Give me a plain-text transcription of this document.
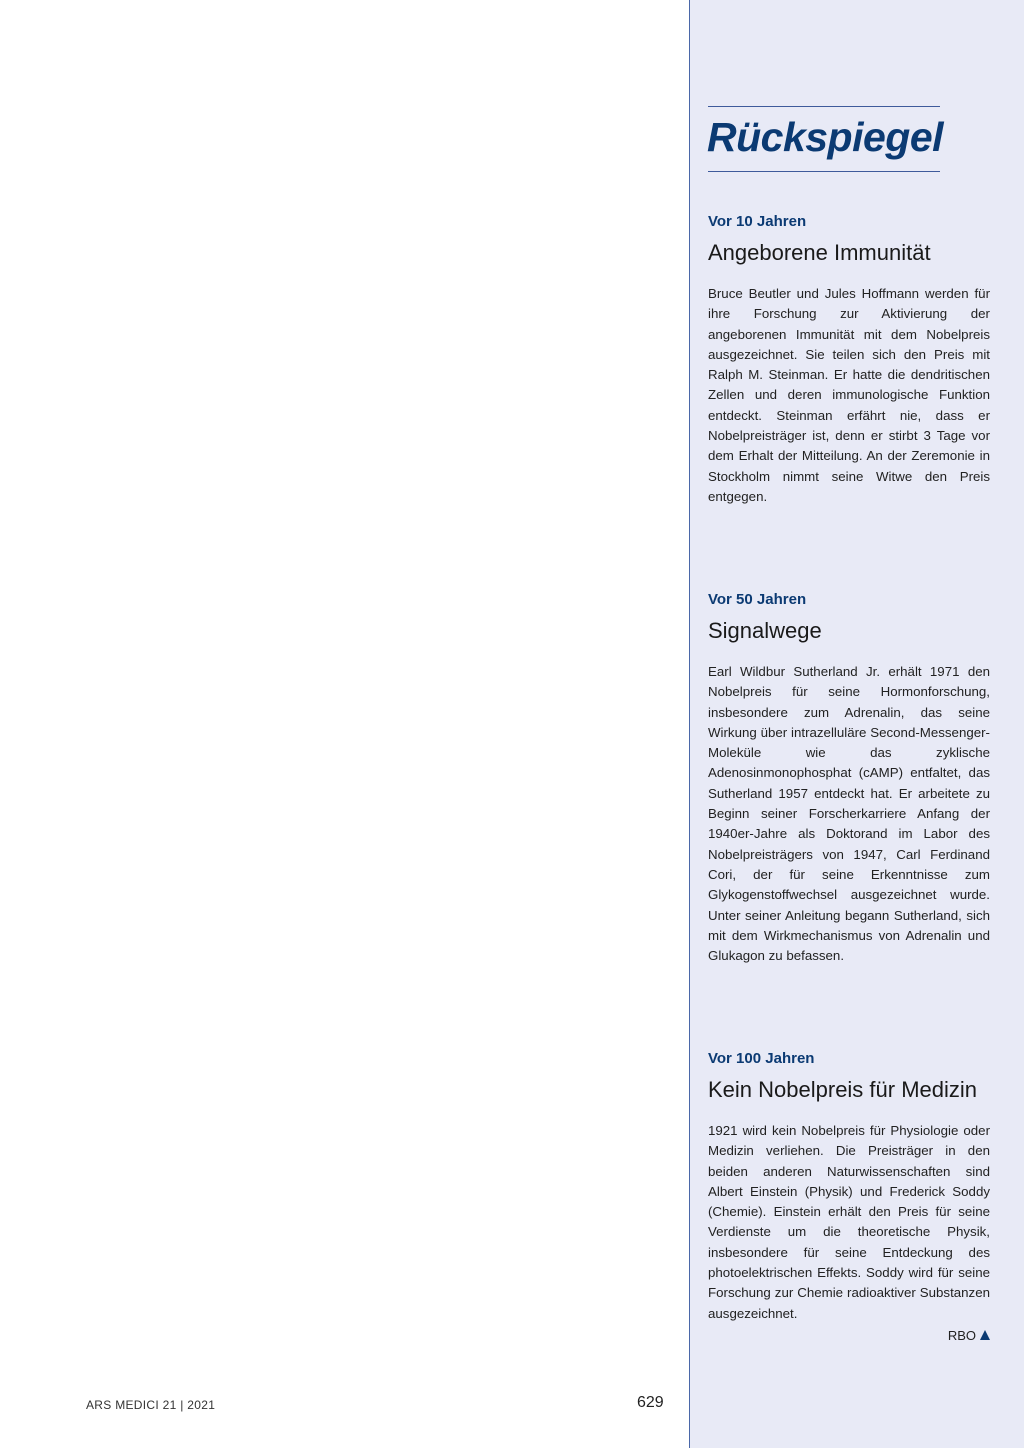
Rückspiegel

Vor 10 Jahren

Angeborene Immunität

Bruce Beutler und Jules Hoffmann werden für ihre Forschung zur Aktivierung der angeborenen Immunität mit dem Nobelpreis ausgezeichnet. Sie teilen sich den Preis mit Ralph M. Steinman. Er hatte die dendritischen Zellen und deren immunologische Funktion entdeckt. Steinman erfährt nie, dass er Nobelpreisträger ist, denn er stirbt 3 Tage vor dem Erhalt der Mitteilung. An der Zeremonie in Stockholm nimmt seine Witwe den Preis entgegen.

Vor 50 Jahren

Signalwege

Earl Wildbur Sutherland Jr. erhält 1971 den Nobelpreis für seine Hormonforschung, insbesondere zum Adrenalin, das seine Wirkung über intrazelluläre Second-Messenger-Moleküle wie das zyklische Adenosinmonophosphat (cAMP) entfaltet, das Sutherland 1957 entdeckt hat. Er arbeitete zu Beginn seiner Forscherkarriere Anfang der 1940er-Jahre als Doktorand im Labor des Nobelpreisträgers von 1947, Carl Ferdinand Cori, der für seine Erkenntnisse zum Glykogenstoffwechsel ausgezeichnet wurde. Unter seiner Anleitung begann Sutherland, sich mit dem Wirkmechanismus von Adrenalin und Glukagon zu befassen.

Vor 100 Jahren

Kein Nobelpreis für Medizin

1921 wird kein Nobelpreis für Physiologie oder Medizin verliehen. Die Preisträger in den beiden anderen Naturwissenschaften sind Albert Einstein (Physik) und Frederick Soddy (Chemie). Einstein erhält den Preis für seine Verdienste um die theoretische Physik, insbesondere für seine Entdeckung des photoelektrischen Effekts. Soddy wird für seine Forschung zur Chemie radioaktiver Substanzen ausgezeichnet.

RBO

ARS MEDICI 21 | 2021	629
